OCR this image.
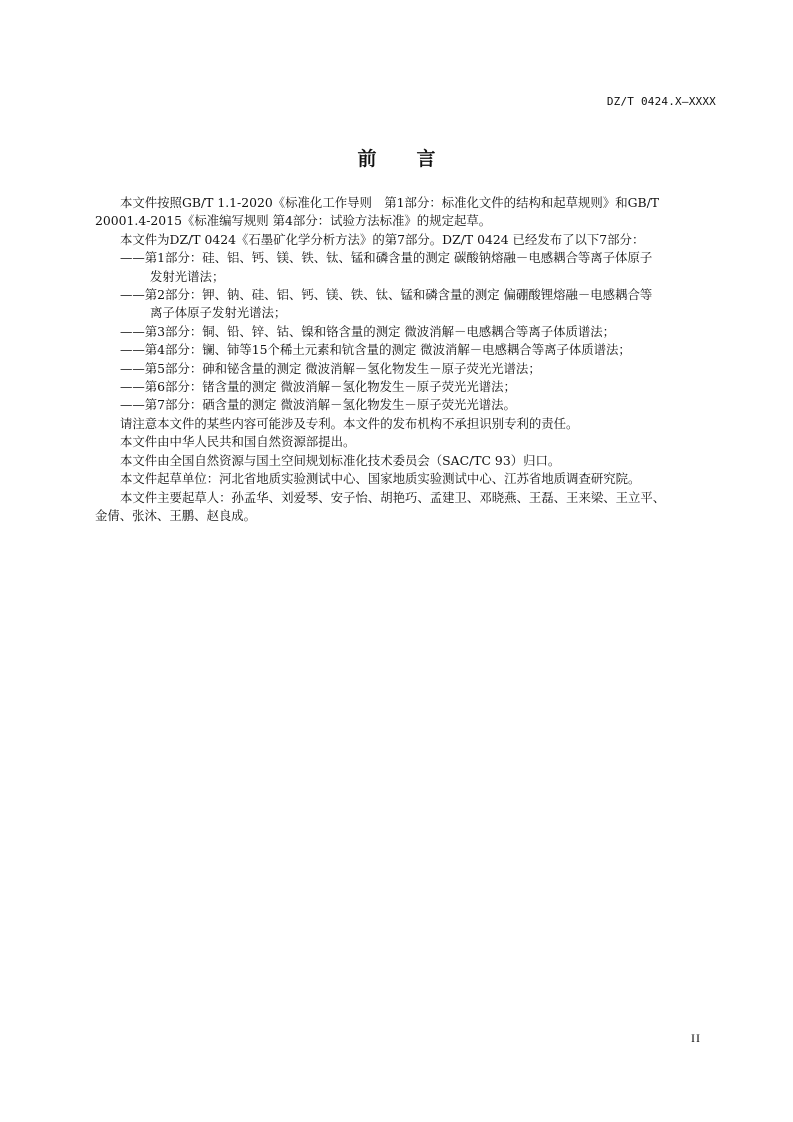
DZ/T 0424.X—XXXX
前言

本文件按照GB/T 1.1-2020《标准化工作导则　第1部分：标准化文件的结构和起草规则》和GB/T
20001.4-2015《标准编写规则 第4部分：试验方法标准》的规定起草。

本文件为DZ/T 0424《石墨矿化学分析方法》的第7部分。DZ/T 0424 已经发布了以下7部分：

——第1部分：硅、铝、钙、镁、铁、钛、锰和磷含量的测定 碳酸钠熔融－电感耦合等离子体原子
发射光谱法；

——第2部分：钾、钠、硅、铝、钙、镁、铁、钛、锰和磷含量的测定 偏硼酸锂熔融－电感耦合等
离子体原子发射光谱法；

——第3部分：铜、铅、锌、钴、镍和铬含量的测定 微波消解－电感耦合等离子体质谱法；

——第4部分：镧、铈等15个稀土元素和钪含量的测定 微波消解－电感耦合等离子体质谱法；

——第5部分：砷和铋含量的测定 微波消解－氢化物发生－原子荧光光谱法；

——第6部分：锗含量的测定 微波消解－氢化物发生－原子荧光光谱法；

——第7部分：硒含量的测定 微波消解－氢化物发生－原子荧光光谱法。

请注意本文件的某些内容可能涉及专利。本文件的发布机构不承担识别专利的责任。

本文件由中华人民共和国自然资源部提出。

本文件由全国自然资源与国土空间规划标准化技术委员会（SAC/TC 93）归口。

本文件起草单位：河北省地质实验测试中心、国家地质实验测试中心、江苏省地质调查研究院。

本文件主要起草人：孙孟华、刘爱琴、安子怡、胡艳巧、孟建卫、邓晓燕、王磊、王来梁、王立平、
金倩、张沐、王鹏、赵良成。

II
